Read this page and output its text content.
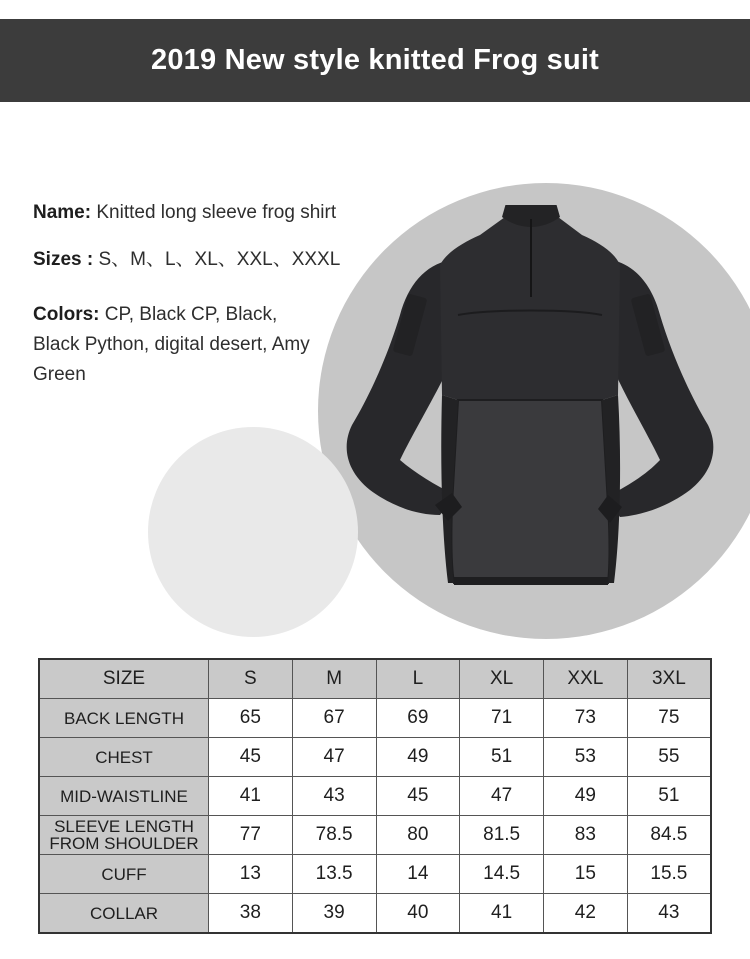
2019 New style knitted Frog suit
Name: Knitted long sleeve frog shirt
Sizes : S、M、L、XL、XXL、XXXL
Colors: CP, Black CP, Black, Black Python, digital desert, Amy Green
SIZE	S	M	L	XL	XXL	3XL
BACK LENGTH	65	67	69	71	73	75
CHEST	45	47	49	51	53	55
MID-WAISTLINE	41	43	45	47	49	51
SLEEVE LENGTH FROM SHOULDER	77	78.5	80	81.5	83	84.5
CUFF	13	13.5	14	14.5	15	15.5
COLLAR	38	39	40	41	42	43
